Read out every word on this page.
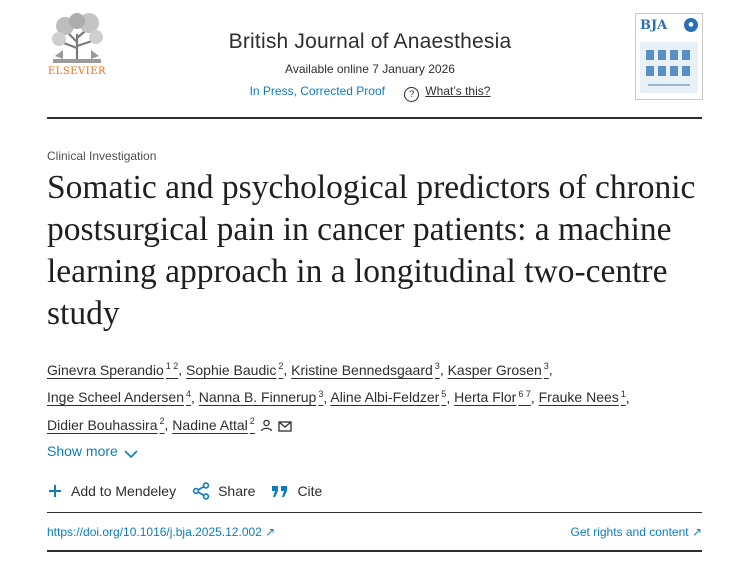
ELSEVIER
British Journal of Anaesthesia
Available online 7 January 2026
In Press, Corrected Proof	? What’s this?
BJA	●
Clinical Investigation
Somatic and psychological predictors of chronic postsurgical pain in cancer patients: a machine learning approach in a longitudinal two-centre study
Ginevra Sperandio $^{1 2}$, Sophie Baudic $^2$, Kristine Bennedsgaard $^3$, Kasper Grosen $^3$,
Inge Scheel Andersen $^4$, Nanna B. Finnerup $^3$, Aline Albi-Feldzer $^5$, Herta Flor $^{6 7}$, Frauke Nees $^1$,
Didier Bouhassira $^2$, Nadine Attal $^2$
Show more
Add to Mendeley	Share	Cite
https://doi.org/10.1016/j.bja.2025.12.002 ↗	Get rights and content ↗
